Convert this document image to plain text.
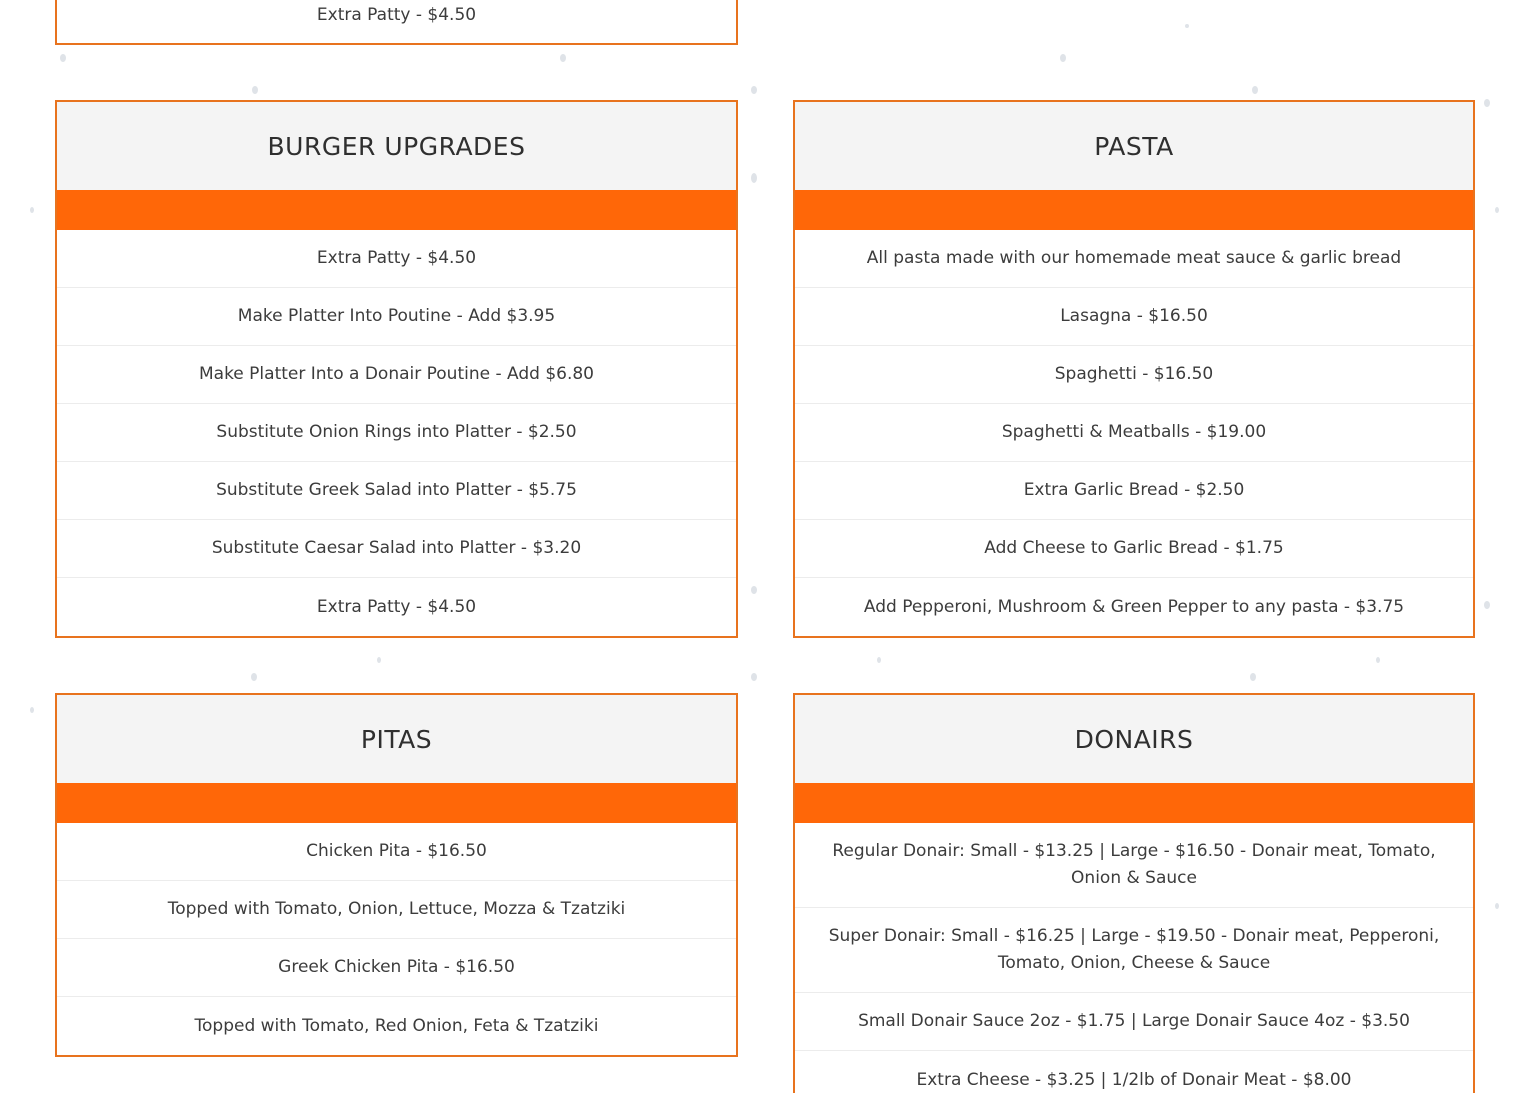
Extra Patty - $4.50
BURGER UPGRADES
Extra Patty - $4.50
Make Platter Into Poutine - Add $3.95
Make Platter Into a Donair Poutine - Add $6.80
Substitute Onion Rings into Platter - $2.50
Substitute Greek Salad into Platter - $5.75
Substitute Caesar Salad into Platter - $3.20
Extra Patty - $4.50
PASTA
All pasta made with our homemade meat sauce & garlic bread
Lasagna - $16.50
Spaghetti - $16.50
Spaghetti & Meatballs - $19.00
Extra Garlic Bread - $2.50
Add Cheese to Garlic Bread - $1.75
Add Pepperoni, Mushroom & Green Pepper to any pasta - $3.75
PITAS
Chicken Pita - $16.50
Topped with Tomato, Onion, Lettuce, Mozza & Tzatziki
Greek Chicken Pita - $16.50
Topped with Tomato, Red Onion, Feta & Tzatziki
DONAIRS
Regular Donair: Small - $13.25 | Large - $16.50 - Donair meat, Tomato, Onion & Sauce
Super Donair: Small - $16.25 | Large - $19.50 - Donair meat, Pepperoni, Tomato, Onion, Cheese & Sauce
Small Donair Sauce 2oz - $1.75 | Large Donair Sauce 4oz - $3.50
Extra Cheese - $3.25 | 1/2lb of Donair Meat - $8.00
